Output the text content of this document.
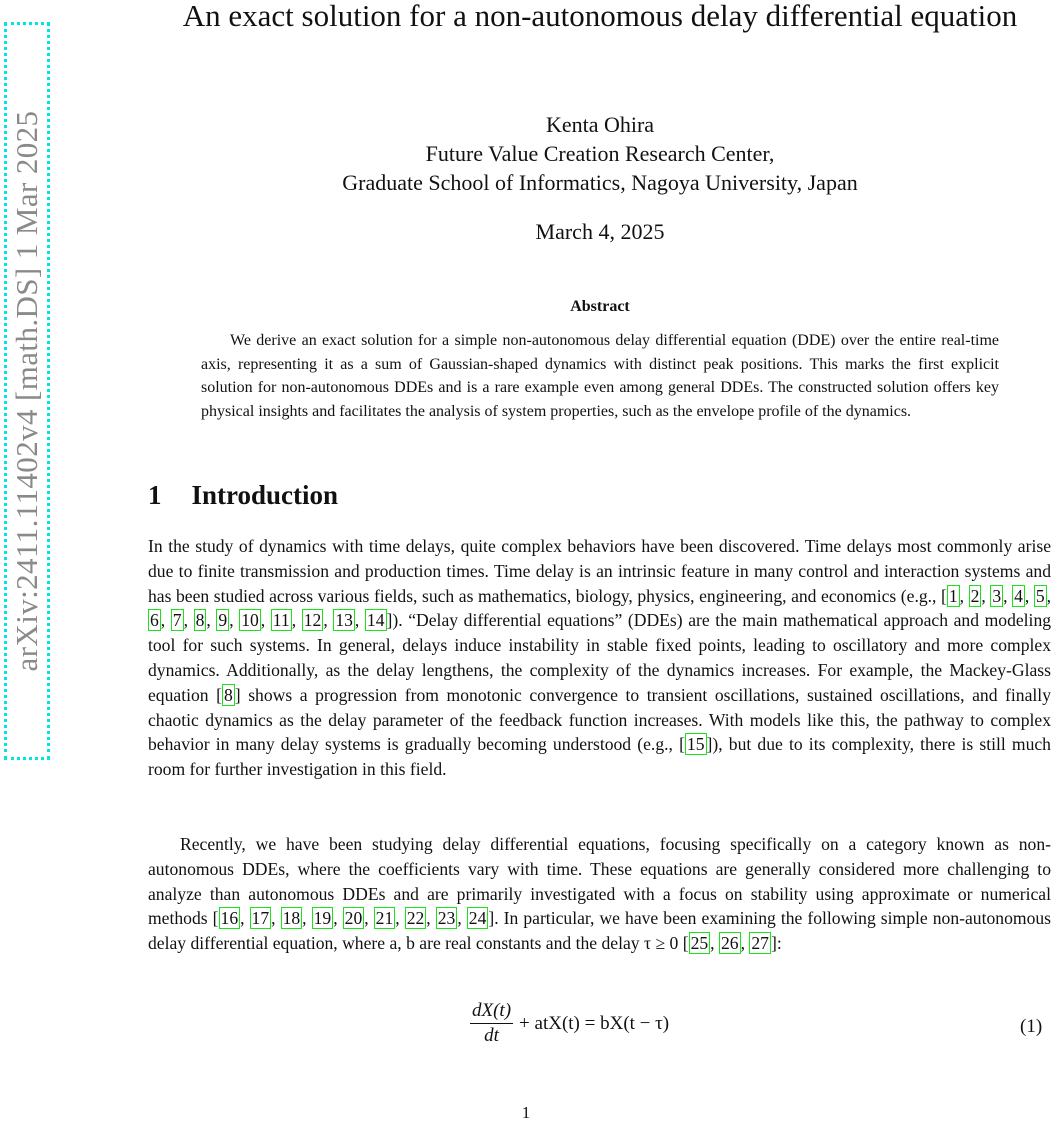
arXiv:2411.11402v4 [math.DS] 1 Mar 2025
An exact solution for a non-autonomous delay differential equation
Kenta Ohira
Future Value Creation Research Center,
Graduate School of Informatics, Nagoya University, Japan
March 4, 2025
Abstract
We derive an exact solution for a simple non-autonomous delay differential equation (DDE) over the entire real-time axis, representing it as a sum of Gaussian-shaped dynamics with distinct peak positions. This marks the first explicit solution for non-autonomous DDEs and is a rare example even among general DDEs. The constructed solution offers key physical insights and facilitates the analysis of system properties, such as the envelope profile of the dynamics.
1 Introduction

In the study of dynamics with time delays, quite complex behaviors have been discovered. Time delays most commonly arise due to finite transmission and production times. Time delay is an intrinsic feature in many control and interaction systems and has been studied across various fields, such as mathematics, biology, physics, engineering, and economics (e.g., [ 1 , 2 , 3 , 4 , 5 , 6 , 7 , 8 , 9 , 10 , 11 , 12 , 13 , 14 ]). “Delay differential equations” (DDEs) are the main mathematical approach and modeling tool for such systems. In general, delays induce instability in stable fixed points, leading to oscillatory and more complex dynamics. Additionally, as the delay lengthens, the complexity of the dynamics increases. For example, the Mackey-Glass equation [ 8 ] shows a progression from monotonic convergence to transient oscillations, sustained oscillations, and finally chaotic dynamics as the delay parameter of the feedback function increases. With models like this, the pathway to complex behavior in many delay systems is gradually becoming understood (e.g., [ 15 ]), but due to its complexity, there is still much room for further investigation in this field.

Recently, we have been studying delay differential equations, focusing specifically on a category known as non-autonomous DDEs, where the coefficients vary with time. These equations are generally considered more challenging to analyze than autonomous DDEs and are primarily investigated with a focus on stability using approximate or numerical methods [ 16 , 17 , 18 , 19 , 20 , 21 , 22 , 23 , 24 ]. In particular, we have been examining the following simple non-autonomous delay differential equation, where a, b are real constants and the delay τ ≥ 0 [ 25 , 26 , 27 ]:

$\frac{dX(t)}{dt} + atX(t) = bX(t - \tau)$	(1)
1
